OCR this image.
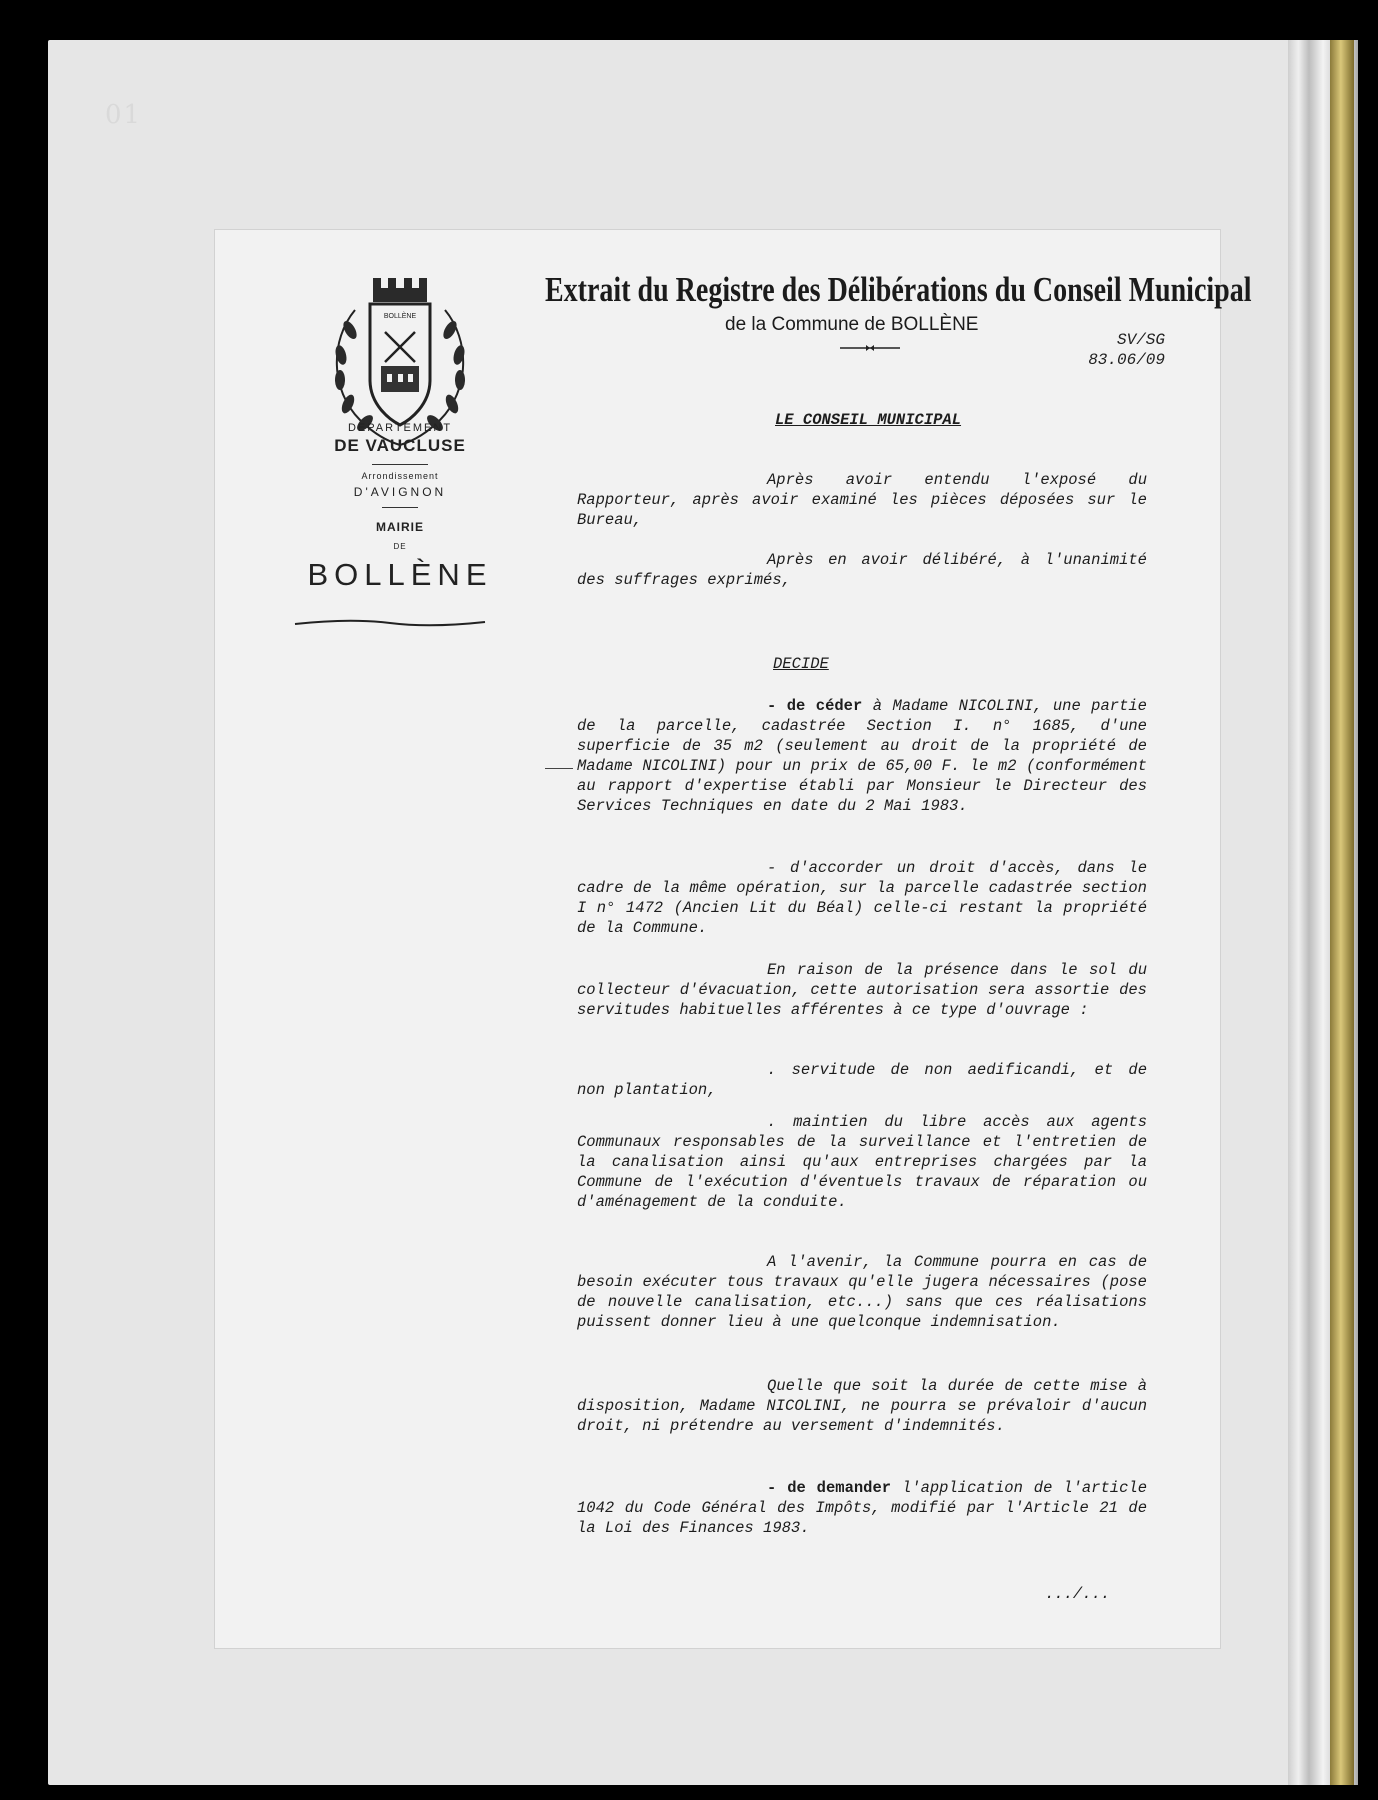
01
BOLLÈNE
DEPARTEMENT
DE VAUCLUSE
Arrondissement
D'AVIGNON
MAIRIE
DE
BOLLÈNE
Extrait du Registre des Délibérations du Conseil Municipal
de la Commune de BOLLÈNE
SV/SG
83.06/09
LE CONSEIL MUNICIPAL
Après avoir entendu l'exposé du Rapporteur, après avoir examiné les pièces déposées sur le Bureau,
Après en avoir délibéré, à l'unanimité des suffrages exprimés,
DECIDE
- de céder à Madame NICOLINI, une partie de la parcelle, cadastrée Section I. n° 1685, d'une superficie de 35 m2 (seulement au droit de la propriété de Madame NICOLINI) pour un prix de 65,00 F. le m2 (conformément au rapport d'expertise établi par Monsieur le Directeur des Services Techniques en date du 2 Mai 1983.
- d'accorder un droit d'accès, dans le cadre de la même opération, sur la parcelle cadastrée section I n° 1472 (Ancien Lit du Béal) celle-ci restant la propriété de la Commune.
En raison de la présence dans le sol du collecteur d'évacuation, cette autorisation sera assortie des servitudes habituelles afférentes à ce type d'ouvrage :
. servitude de non aedificandi, et de non plantation,
. maintien du libre accès aux agents Communaux responsables de la surveillance et l'entretien de la canalisation ainsi qu'aux entreprises chargées par la Commune de l'exécution d'éventuels travaux de réparation ou d'aménagement de la conduite.
A l'avenir, la Commune pourra en cas de besoin exécuter tous travaux qu'elle jugera nécessaires (pose de nouvelle canalisation, etc...) sans que ces réalisations puissent donner lieu à une quelconque indemnisation.
Quelle que soit la durée de cette mise à disposition, Madame NICOLINI, ne pourra se prévaloir d'aucun droit, ni prétendre au versement d'indemnités.
- de demander l'application de l'article 1042 du Code Général des Impôts, modifié par l'Article 21 de la Loi des Finances 1983.
.../...
